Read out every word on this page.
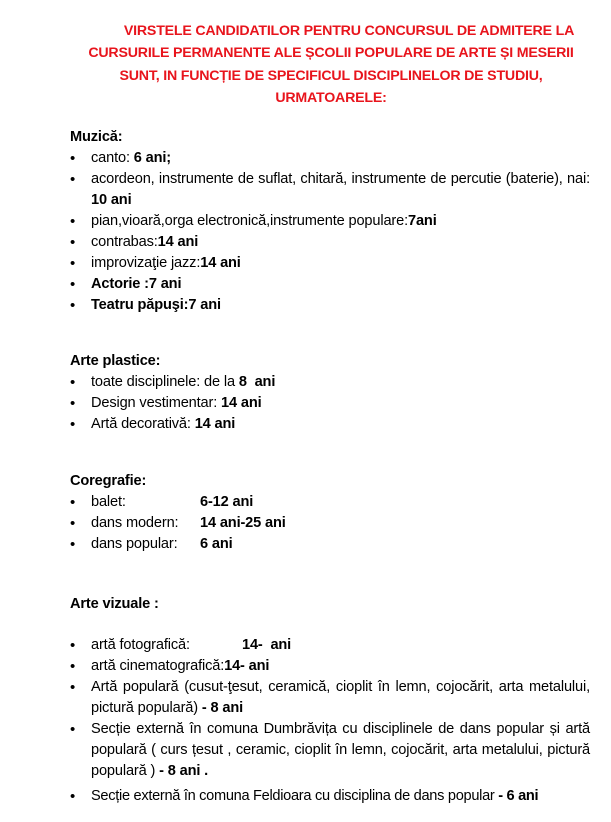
VIRSTELE CANDIDATILOR PENTRU CONCURSUL DE ADMITERE LA
CURSURILE PERMANENTE ALE ȘCOLII POPULARE DE ARTE ȘI MESERII
SUNT, IN FUNCȚIE DE SPECIFICUL DISCIPLINELOR DE STUDIU,
URMATOARELE:
Muzică:
• canto: 6 ani;
• acordeon, instrumente de suflat, chitară, instrumente de percutie (baterie), nai: 10 ani
• pian,vioară,orga electronică,instrumente populare:7ani
• contrabas:14 ani
• improvizaţie jazz:14 ani
• Actorie :7 ani
• Teatru păpuşi:7 ani
Arte plastice:
• toate disciplinele: de la 8  ani
• Design vestimentar: 14 ani
• Artă decorativă: 14 ani
Coregrafie:
• balet:	6-12 ani
• dans modern: 14 ani-25 ani
• dans popular: 6 ani
Arte vizuale :
• artă fotografică:	14-  ani
• artă cinematografică:14- ani
• Artă populară (cusut-ţesut, ceramică, cioplit în lemn, cojocărit, arta metalului, pictură populară) - 8 ani
• Secție externă în comuna Dumbrăvița cu disciplinele de dans popular și artă populară ( curs țesut , ceramic, cioplit în lemn, cojocărit, arta metalului, pictură populară ) - 8 ani .
• Secție externă în comuna Feldioara cu disciplina de dans popular - 6 ani
